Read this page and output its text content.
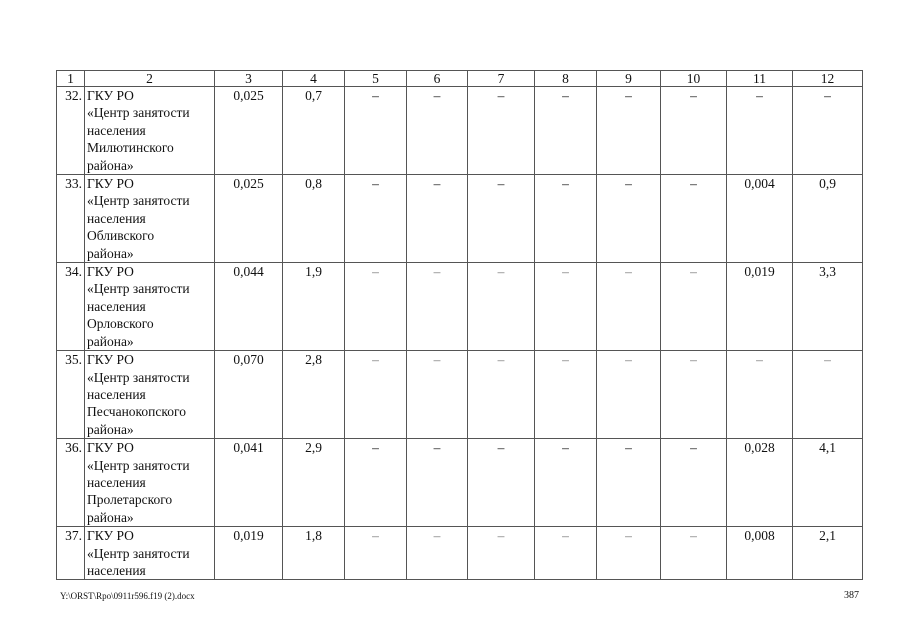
1	2	3	4	5	6	7	8	9	10	11	12
32.	ГКУ РО
«Центр занятости
населения
Милютинского
района»	0,025	0,7	–	–	–	–	–	–	–	–
33.	ГКУ РО
«Центр занятости
населения
Обливского
района»	0,025	0,8	–	–	–	–	–	–	0,004	0,9
34.	ГКУ РО
«Центр занятости
населения
Орловского
района»	0,044	1,9	–	–	–	–	–	–	0,019	3,3
35.	ГКУ РО
«Центр занятости
населения
Песчанокопского
района»	0,070	2,8	–	–	–	–	–	–	–	–
36.	ГКУ РО
«Центр занятости
населения
Пролетарского
района»	0,041	2,9	–	–	–	–	–	–	0,028	4,1
37.	ГКУ РО
«Центр занятости
населения	0,019	1,8	–	–	–	–	–	–	0,008	2,1
Y:\ORST\Rpo\0911r596.f19 (2).docx	387
